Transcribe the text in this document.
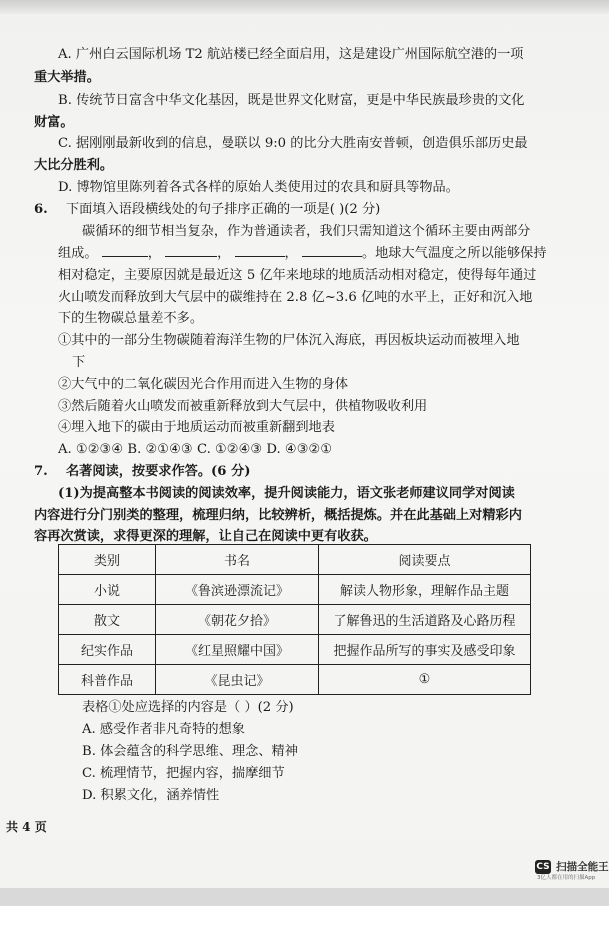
A. 广州白云国际机场 T2 航站楼已经全面启用，这是建设广州国际航空港的一项
重大举措。
B. 传统节日富含中华文化基因，既是世界文化财富，更是中华民族最珍贵的文化
财富。
C. 据刚刚最新收到的信息，曼联以 9:0 的比分大胜南安普顿，创造俱乐部历史最
大比分胜利。
D. 博物馆里陈列着各式各样的原始人类使用过的农具和厨具等物品。
6. 下面填入语段横线处的句子排序正确的一项是( )(2 分)
碳循环的细节相当复杂，作为普通读者，我们只需知道这个循环主要由两部分
组成。	，	，	，	。地球大气温度之所以能够保持
相对稳定，主要原因就是最近这 5 亿年来地球的地质活动相对稳定，使得每年通过
火山喷发而释放到大气层中的碳维持在 2.8 亿~3.6 亿吨的水平上，正好和沉入地
下的生物碳总量差不多。
①其中的一部分生物碳随着海洋生物的尸体沉入海底，再因板块运动而被埋入地
下
②大气中的二氧化碳因光合作用而进入生物的身体
③然后随着火山喷发而被重新释放到大气层中，供植物吸收利用
④埋入地下的碳由于地质运动而被重新翻到地表
A. ①②③④ B. ②①④③ C. ①②④③ D. ④③②①
7. 名著阅读，按要求作答。(6 分)
(1)为提高整本书阅读的阅读效率，提升阅读能力，语文张老师建议同学对阅读
内容进行分门别类的整理，梳理归纳，比较辨析，概括提炼。并在此基础上对精彩内
容再次赏读，求得更深的理解，让自己在阅读中更有收获。
类别	书名	阅读要点
小说	《鲁滨逊漂流记》	解读人物形象，理解作品主题
散文	《朝花夕拾》	了解鲁迅的生活道路及心路历程
纪实作品	《红星照耀中国》	把握作品所写的事实及感受印象
科普作品	《昆虫记》	①
表格①处应选择的内容是（ ）(2 分)
A. 感受作者非凡奇特的想象
B. 体会蕴含的科学思维、理念、精神
C. 梳理情节，把握内容，揣摩细节
D. 积累文化，涵养情性
共 4 页
CS 扫描全能王
3亿人都在用的扫描App
